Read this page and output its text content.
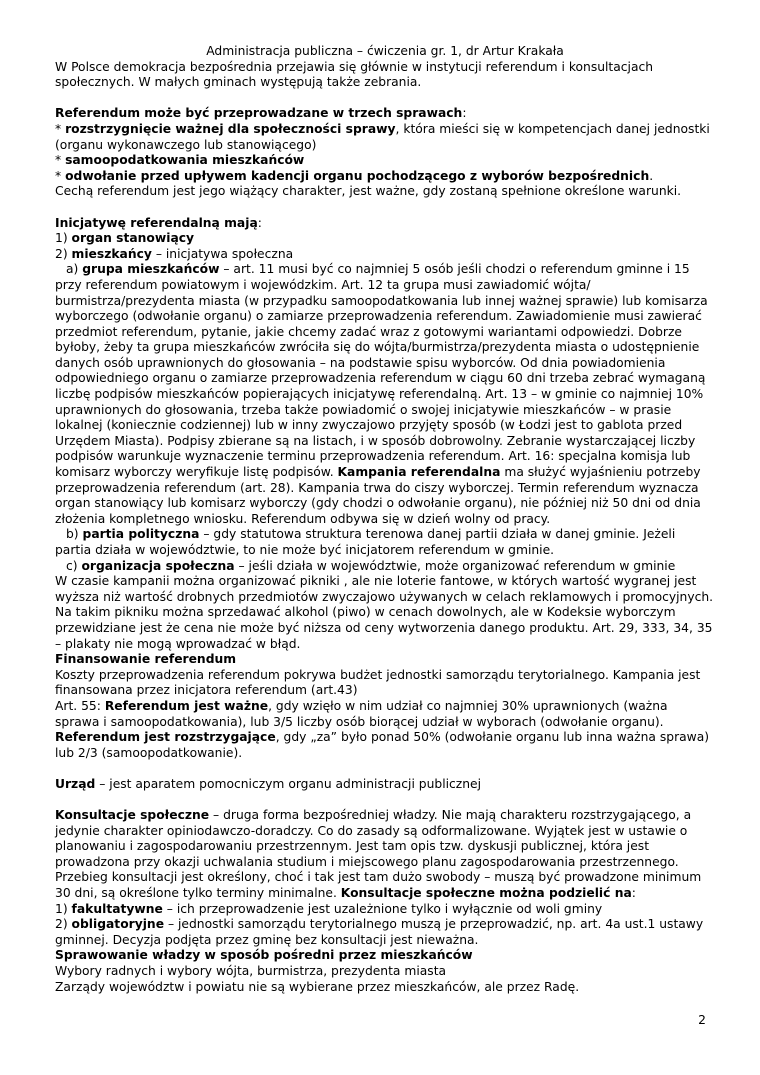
Administracja publiczna – ćwiczenia gr. 1, dr Artur Krakała

W Polsce demokracja bezpośrednia przejawia się głównie w instytucji referendum i konsultacjach społecznych. W małych gminach występują także zebrania.

Referendum może być przeprowadzane w trzech sprawach:

* rozstrzygnięcie ważnej dla społeczności sprawy, która mieści się w kompetencjach danej jednostki (organu wykonawczego lub stanowiącego)

* samoopodatkowania mieszkańców

* odwołanie przed upływem kadencji organu pochodzącego z wyborów bezpośrednich.

Cechą referendum jest jego wiążący charakter, jest ważne, gdy zostaną spełnione określone warunki.

Inicjatywę referendalną mają:

1) organ stanowiący

2) mieszkańcy – inicjatywa społeczna

a) grupa mieszkańców – art. 11 musi być co najmniej 5 osób jeśli chodzi o referendum gminne i 15 przy referendum powiatowym i wojewódzkim. Art. 12 ta grupa musi zawiadomić wójta/ burmistrza/prezydenta miasta (w przypadku samoopodatkowania lub innej ważnej sprawie) lub komisarza wyborczego (odwołanie organu) o zamiarze przeprowadzenia referendum. Zawiadomienie musi zawierać przedmiot referendum, pytanie, jakie chcemy zadać wraz z gotowymi wariantami odpowiedzi. Dobrze byłoby, żeby ta grupa mieszkańców zwróciła się do wójta/burmistrza/prezydenta miasta o udostępnienie danych osób uprawnionych do głosowania – na podstawie spisu wyborców. Od dnia powiadomienia odpowiedniego organu o zamiarze przeprowadzenia referendum w ciągu 60 dni trzeba zebrać wymaganą liczbę podpisów mieszkańców popierających inicjatywę referendalną. Art. 13 – w gminie co najmniej 10% uprawnionych do głosowania, trzeba także powiadomić o swojej inicjatywie mieszkańców – w prasie lokalnej (koniecznie codziennej) lub w inny zwyczajowo przyjęty sposób (w Łodzi jest to gablota przed Urzędem Miasta). Podpisy zbierane są na listach, i w sposób dobrowolny. Zebranie wystarczającej liczby podpisów warunkuje wyznaczenie terminu przeprowadzenia referendum. Art. 16: specjalna komisja lub komisarz wyborczy weryfikuje listę podpisów. Kampania referendalna ma służyć wyjaśnieniu potrzeby przeprowadzenia referendum (art. 28). Kampania trwa do ciszy wyborczej. Termin referendum wyznacza organ stanowiący lub komisarz wyborczy (gdy chodzi o odwołanie organu), nie później niż 50 dni od dnia złożenia kompletnego wniosku. Referendum odbywa się w dzień wolny od pracy.

b) partia polityczna – gdy statutowa struktura terenowa danej partii działa w danej gminie. Jeżeli partia działa w województwie, to nie może być inicjatorem referendum w gminie.

c) organizacja społeczna – jeśli działa w województwie, może organizować referendum w gminie

W czasie kampanii można organizować pikniki , ale nie loterie fantowe, w których wartość wygranej jest wyższa niż wartość drobnych przedmiotów zwyczajowo używanych w celach reklamowych i promocyjnych. Na takim pikniku można sprzedawać alkohol (piwo) w cenach dowolnych, ale w Kodeksie wyborczym przewidziane jest że cena nie może być niższa od ceny wytworzenia danego produktu. Art. 29, 333, 34, 35 – plakaty nie mogą wprowadzać w błąd.

Finansowanie referendum

Koszty przeprowadzenia referendum pokrywa budżet jednostki samorządu terytorialnego. Kampania jest finansowana przez inicjatora referendum (art.43)

Art. 55: Referendum jest ważne, gdy wzięło w nim udział co najmniej 30% uprawnionych (ważna sprawa i samoopodatkowania), lub 3/5 liczby osób biorącej udział w wyborach (odwołanie organu).

Referendum jest rozstrzygające, gdy „za” było ponad 50% (odwołanie organu lub inna ważna sprawa) lub 2/3 (samoopodatkowanie).

Urząd – jest aparatem pomocniczym organu administracji publicznej

Konsultacje społeczne – druga forma bezpośredniej władzy. Nie mają charakteru rozstrzygającego, a jedynie charakter opiniodawczo-doradczy. Co do zasady są odformalizowane. Wyjątek jest w ustawie o planowaniu i zagospodarowaniu przestrzennym. Jest tam opis tzw. dyskusji publicznej, która jest prowadzona przy okazji uchwalania studium i miejscowego planu zagospodarowania przestrzennego. Przebieg konsultacji jest określony, choć i tak jest tam dużo swobody – muszą być prowadzone minimum 30 dni, są określone tylko terminy minimalne. Konsultacje społeczne można podzielić na:

1) fakultatywne – ich przeprowadzenie jest uzależnione tylko i wyłącznie od woli gminy

2) obligatoryjne – jednostki samorządu terytorialnego muszą je przeprowadzić, np. art. 4a ust.1 ustawy gminnej. Decyzja podjęta przez gminę bez konsultacji jest nieważna.

Sprawowanie władzy w sposób pośredni przez mieszkańców

Wybory radnych i wybory wójta, burmistrza, prezydenta miasta

Zarządy województw i powiatu nie są wybierane przez mieszkańców, ale przez Radę.

2
